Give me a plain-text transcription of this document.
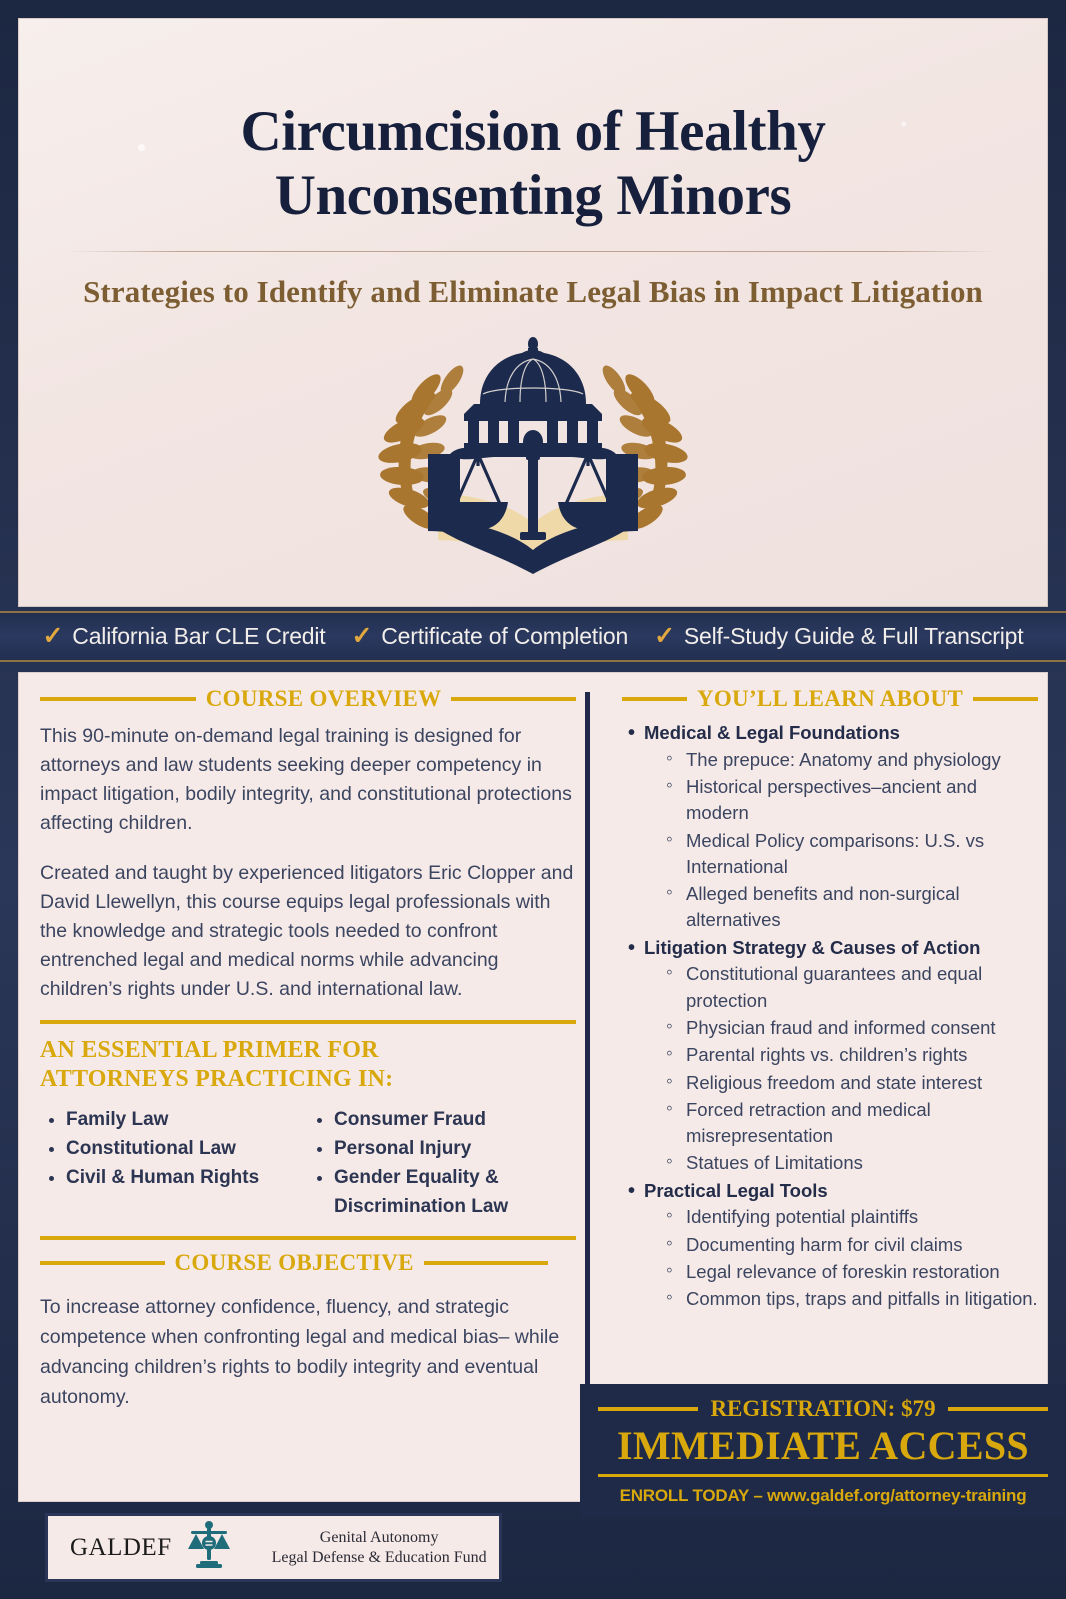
Circumcision of Healthy
Unconsenting Minors
Strategies to Identify and Eliminate Legal Bias in Impact Litigation
✓ California Bar CLE Credit ✓ Certificate of Completion ✓ Self-Study Guide & Full Transcript
COURSE OVERVIEW

This 90-minute on-demand legal training is designed for attorneys and law students seeking deeper competency in impact litigation, bodily integrity, and constitutional protections affecting children.

Created and taught by experienced litigators Eric Clopper and David Llewellyn, this course equips legal professionals with the knowledge and strategic tools needed to confront entrenched legal and medical norms while advancing children’s rights under U.S. and international law.

AN ESSENTIAL PRIMER FOR
ATTORNEYS PRACTICING IN:
• Family Law
• Constitutional Law
• Civil & Human Rights
• Consumer Fraud
• Personal Injury
• Gender Equality & Discrimination Law
COURSE OBJECTIVE
To increase attorney confidence, fluency, and strategic competence when confronting legal and medical bias– while advancing children’s rights to bodily integrity and eventual autonomy.
YOU’LL LEARN ABOUT
• Medical & Legal Foundations
◦ The prepuce: Anatomy and physiology
◦ Historical perspectives–ancient and modern
◦ Medical Policy comparisons: U.S. vs International
◦ Alleged benefits and non-surgical alternatives
• Litigation Strategy & Causes of Action
◦ Constitutional guarantees and equal protection
◦ Physician fraud and informed consent
◦ Parental rights vs. children’s rights
◦ Religious freedom and state interest
◦ Forced retraction and medical misrepresentation
◦ Statues of Limitations
• Practical Legal Tools
◦ Identifying potential plaintiffs
◦ Documenting harm for civil claims
◦ Legal relevance of foreskin restoration
◦ Common tips, traps and pitfalls in litigation.
REGISTRATION: $79
IMMEDIATE ACCESS
ENROLL TODAY – www.galdef.org/attorney-training
GALDEF	Genital Autonomy
Legal Defense & Education Fund
